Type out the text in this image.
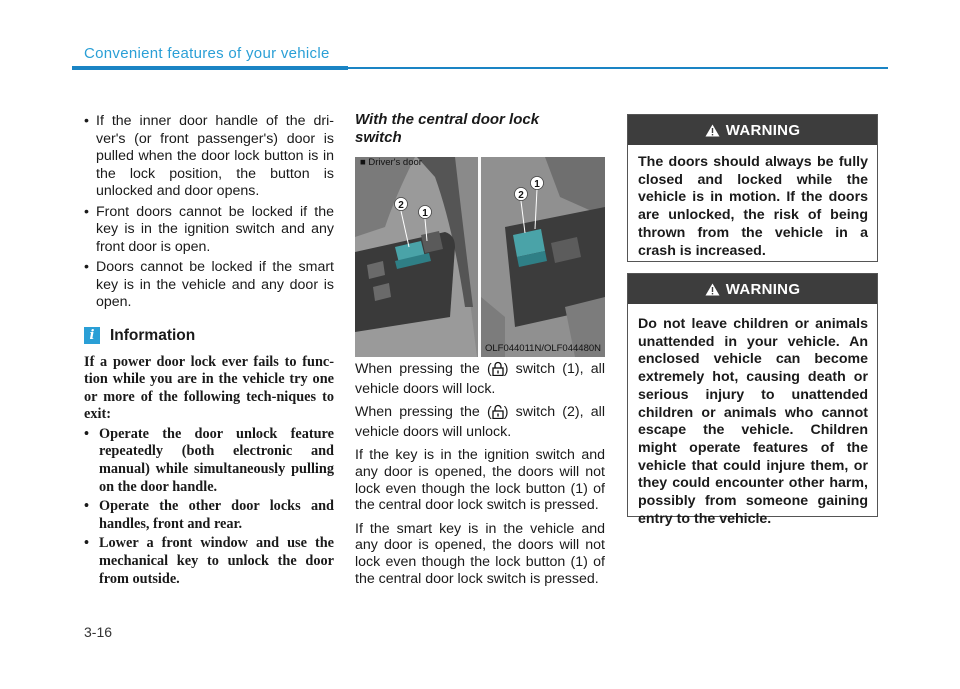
Convenient features of your vehicle
• If the inner door handle of the dri-ver's (or front passenger's) door is pulled when the door lock button is in the lock position, the button is unlocked and door opens.
• Front doors cannot be locked if the key is in the ignition switch and any front door is open.
• Doors cannot be locked if the smart key is in the vehicle and any door is open.
i	Information
If a power door lock ever fails to func-tion while you are in the vehicle try one or more of the following tech-niques to exit:
• Operate the door unlock feature repeatedly (both electronic and manual) while simultaneously pulling on the door handle.
• Operate the other door locks and handles, front and rear.
• Lower a front window and use the mechanical key to unlock the door from outside.
With the central door lock switch
2
1
2
1
■ Driver's door
OLF044011N/OLF044480N

When pressing the ( ) switch (1), all vehicle doors will lock.

When pressing the ( ) switch (2), all vehicle doors will unlock.

If the key is in the ignition switch and any door is opened, the doors will not lock even though the lock button (1) of the central door lock switch is pressed.

If the smart key is in the vehicle and any door is opened, the doors will not lock even though the lock button (1) of the central door lock switch is pressed.

WARNING
The doors should always be fully closed and locked while the vehicle is in motion. If the doors are unlocked, the risk of being thrown from the vehicle in a crash is increased.
WARNING
Do not leave children or animals unattended in your vehicle. An enclosed vehicle can become extremely hot, causing death or serious injury to unattended children or animals who cannot escape the vehicle. Children might operate features of the vehicle that could injure them, or they could encounter other harm, possibly from someone gaining entry to the vehicle.
3-16
